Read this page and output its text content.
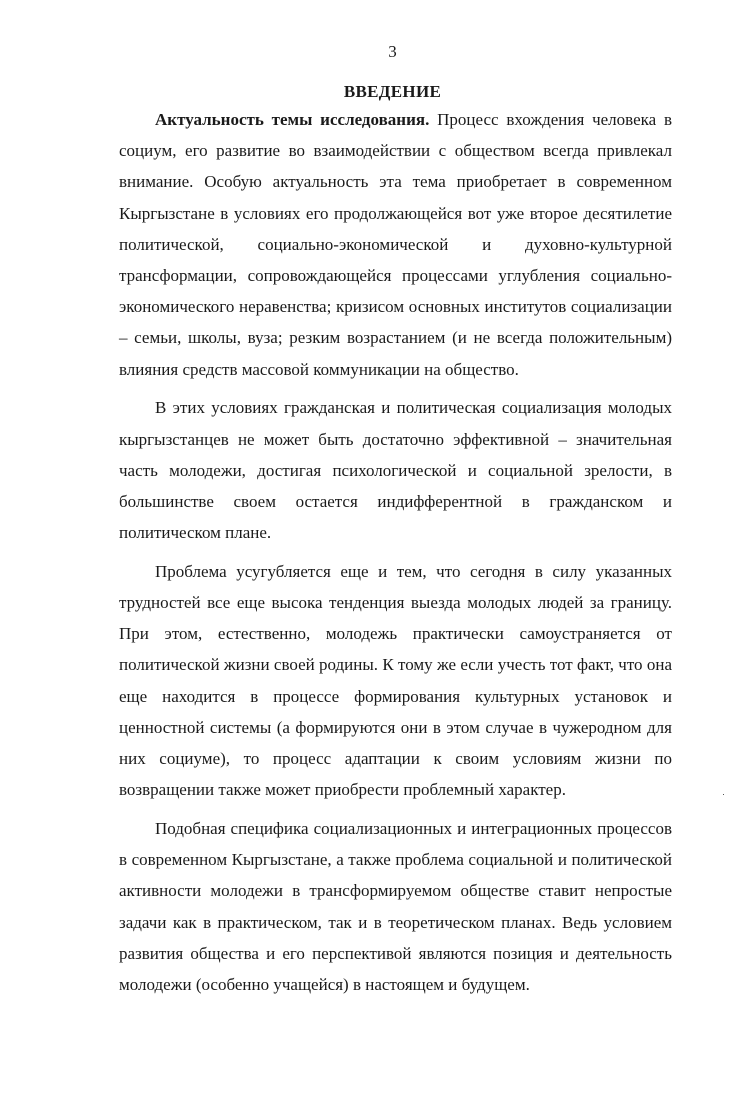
3
ВВЕДЕНИЕ

Актуальность темы исследования. Процесс вхождения человека в социум, его развитие во взаимодействии с обществом всегда привлекал внимание. Особую актуальность эта тема приобретает в современном Кыргызстане в условиях его продолжающейся вот уже второе десятилетие политической, социально-экономической и духовно-культурной трансформации, сопровождающейся процессами углубления социально-экономического неравенства; кризисом основных институтов социализации – семьи, школы, вуза; резким возрастанием (и не всегда положительным) влияния средств массовой коммуникации на общество.

В этих условиях гражданская и политическая социализация молодых кыргызстанцев не может быть достаточно эффективной – значительная часть молодежи, достигая психологической и социальной зрелости, в большинстве своем остается индифферентной в гражданском и политическом плане.

Проблема усугубляется еще и тем, что сегодня в силу указанных трудностей все еще высока тенденция выезда молодых людей за границу. При этом, естественно, молодежь практически самоустраняется от политической жизни своей родины. К тому же если учесть тот факт, что она еще находится в процессе формирования культурных установок и ценностной системы (а формируются они в этом случае в чужеродном для них социуме), то процесс адаптации к своим условиям жизни по возвращении также может приобрести проблемный характер.

Подобная специфика социализационных и интеграционных процессов в современном Кыргызстане, а также проблема социальной и политической активности молодежи в трансформируемом обществе ставит непростые задачи как в практическом, так и в теоретическом планах. Ведь условием развития общества и его перспективой являются позиция и деятельность молодежи (особенно учащейся) в настоящем и будущем.
